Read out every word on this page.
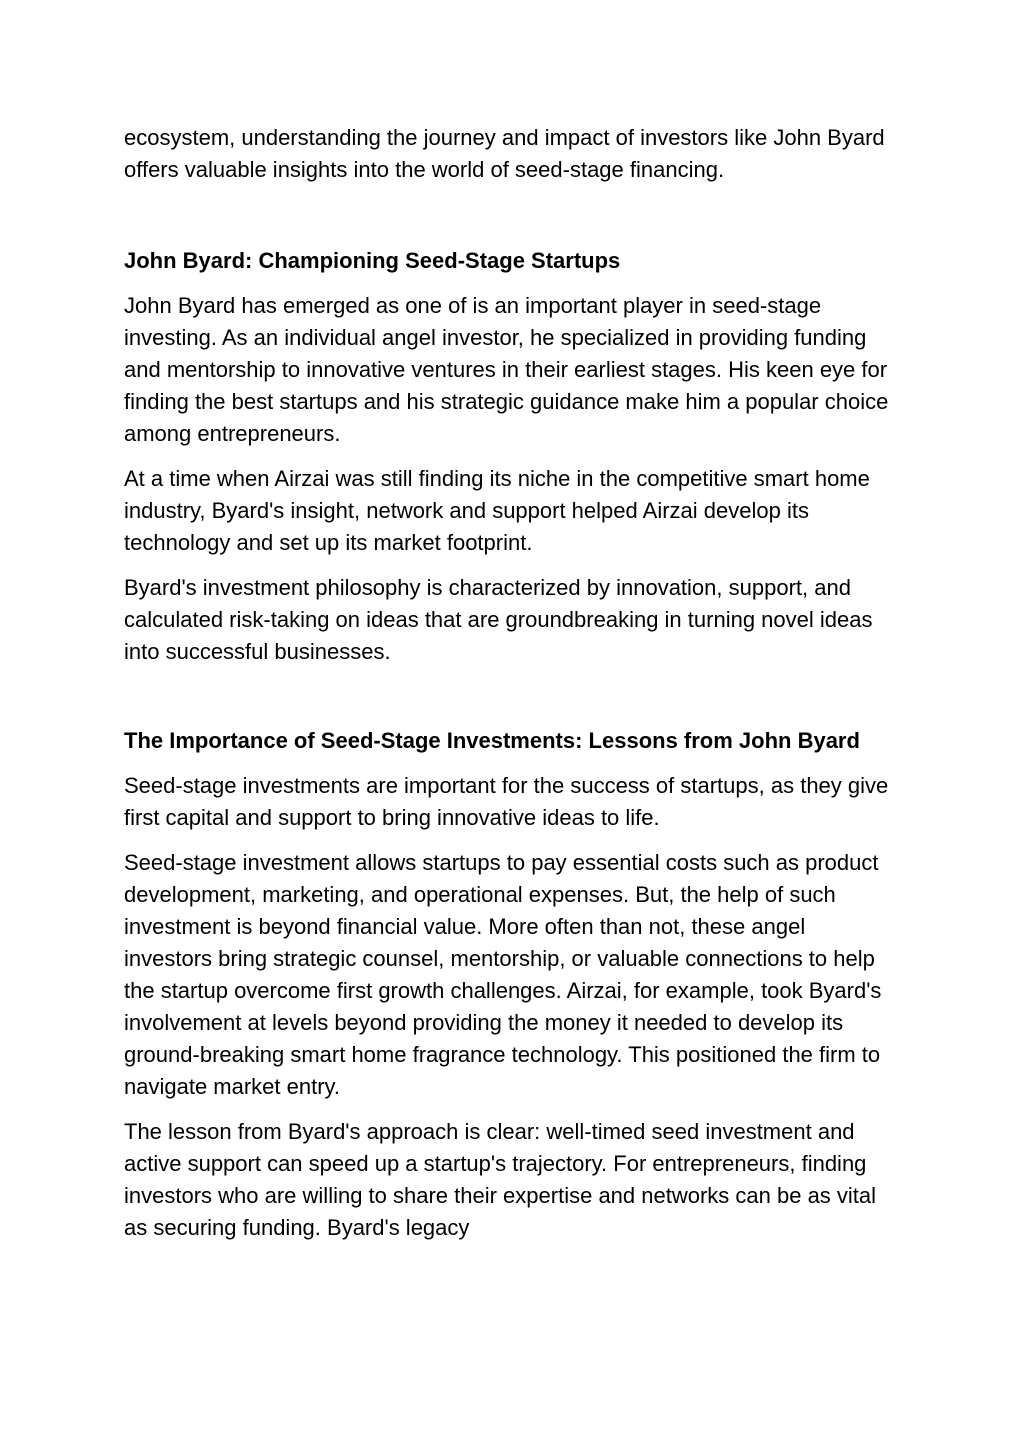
ecosystem, understanding the journey and impact of investors like John Byard offers valuable insights into the world of seed-stage financing.

John Byard: Championing Seed-Stage Startups

John Byard has emerged as one of is an important player in seed-stage investing. As an individual angel investor, he specialized in providing funding and mentorship to innovative ventures in their earliest stages. His keen eye for finding the best startups and his strategic guidance make him a popular choice among entrepreneurs.

At a time when Airzai was still finding its niche in the competitive smart home industry, Byard's insight, network and support helped Airzai develop its technology and set up its market footprint.

Byard's investment philosophy is characterized by innovation, support, and calculated risk-taking on ideas that are groundbreaking in turning novel ideas into successful businesses.

The Importance of Seed-Stage Investments: Lessons from John Byard

Seed-stage investments are important for the success of startups, as they give first capital and support to bring innovative ideas to life.

Seed-stage investment allows startups to pay essential costs such as product development, marketing, and operational expenses. But, the help of such investment is beyond financial value. More often than not, these angel investors bring strategic counsel, mentorship, or valuable connections to help the startup overcome first growth challenges. Airzai, for example, took Byard's involvement at levels beyond providing the money it needed to develop its ground-breaking smart home fragrance technology. This positioned the firm to navigate market entry.

The lesson from Byard's approach is clear: well-timed seed investment and active support can speed up a startup's trajectory. For entrepreneurs, finding investors who are willing to share their expertise and networks can be as vital as securing funding. Byard's legacy
